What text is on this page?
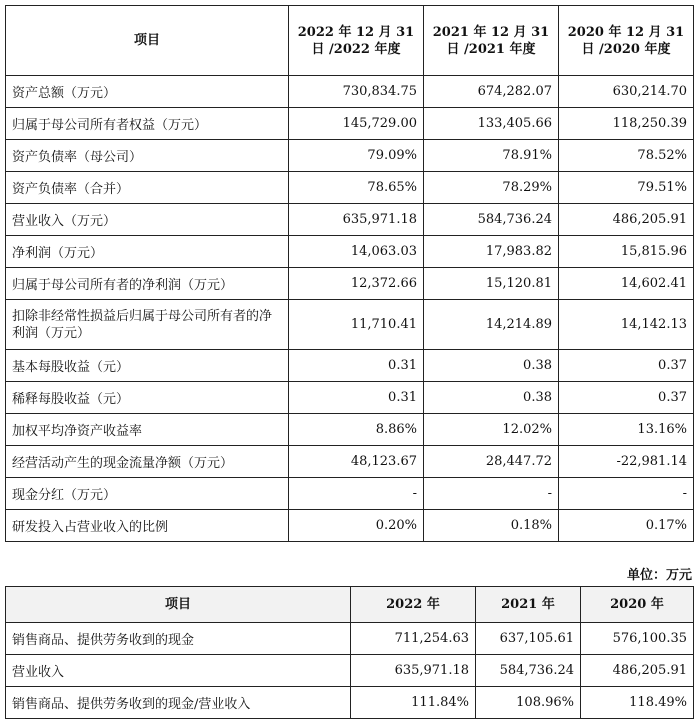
项目	2022 年 12 月 31 日 /2022 年度	2021 年 12 月 31 日 /2021 年度	2020 年 12 月 31 日 /2020 年度
资产总额（万元）	730,834.75	674,282.07	630,214.70
归属于母公司所有者权益（万元）	145,729.00	133,405.66	118,250.39
资产负债率（母公司）	79.09%	78.91%	78.52%
资产负债率（合并）	78.65%	78.29%	79.51%
营业收入（万元）	635,971.18	584,736.24	486,205.91
净利润（万元）	14,063.03	17,983.82	15,815.96
归属于母公司所有者的净利润（万元）	12,372.66	15,120.81	14,602.41
扣除非经常性损益后归属于母公司所有者的净利润（万元）	11,710.41	14,214.89	14,142.13
基本每股收益（元）	0.31	0.38	0.37
稀释每股收益（元）	0.31	0.38	0.37
加权平均净资产收益率	8.86%	12.02%	13.16%
经营活动产生的现金流量净额（万元）	48,123.67	28,447.72	-22,981.14
现金分红（万元）	-	-	-
研发投入占营业收入的比例	0.20%	0.18%	0.17%
单位：万元
项目	2022 年	2021 年	2020 年
销售商品、提供劳务收到的现金	711,254.63	637,105.61	576,100.35
营业收入	635,971.18	584,736.24	486,205.91
销售商品、提供劳务收到的现金/营业收入	111.84%	108.96%	118.49%
